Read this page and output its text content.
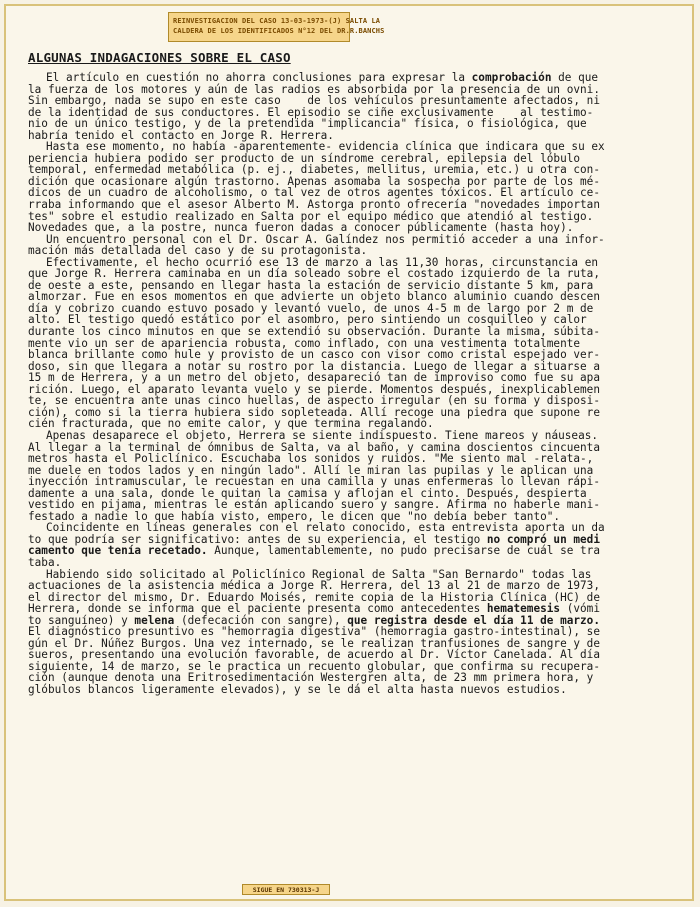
REINVESTIGACION DEL CASO 13-03-1973-(J) SALTA LA
CALDERA DE LOS IDENTIFICADOS N°12 DEL DR.R.BANCHS
ALGUNAS INDAGACIONES SOBRE EL CASO
El artículo en cuestión no ahorra conclusiones para expresar la comprobación de que
la fuerza de los motores y aún de las radios es absorbida por la presencia de un ovni.
Sin embargo, nada se supo en este caso    de los vehículos presuntamente afectados, ni
de la identidad de sus conductores. El episodio se ciñe exclusivamente    al testimo-
nio de un único testigo, y de la pretendida "implicancia" física, o fisiológica, que
habría tenido el contacto en Jorge R. Herrera.
Hasta ese momento, no había -aparentemente- evidencia clínica que indicara que su ex
periencia hubiera podido ser producto de un síndrome cerebral, epilepsia del lóbulo
temporal, enfermedad metabólica (p. ej., diabetes, mellitus, uremia, etc.) u otra con-
dición que ocasionare algún trastorno. Apenas asomaba la sospecha por parte de los mé-
dicos de un cuadro de alcoholismo, o tal vez de otros agentes tóxicos. El artículo ce-
rraba informando que el asesor Alberto M. Astorga pronto ofrecería "novedades importan
tes" sobre el estudio realizado en Salta por el equipo médico que atendió al testigo.
Novedades que, a la postre, nunca fueron dadas a conocer públicamente (hasta hoy).
Un encuentro personal con el Dr. Oscar A. Galíndez nos permitió acceder a una infor-
mación más detallada del caso y de su protagonista.
Efectivamente, el hecho ocurrió ese 13 de marzo a las 11,30 horas, circunstancia en
que Jorge R. Herrera caminaba en un día soleado sobre el costado izquierdo de la ruta,
de oeste a este, pensando en llegar hasta la estación de servicio distante 5 km, para
almorzar. Fue en esos momentos en que advierte un objeto blanco aluminio cuando descen
día y cobrizo cuando estuvo posado y levantó vuelo, de unos 4-5 m de largo por 2 m de
alto. El testigo quedó estático por el asombro, pero sintiendo un cosquilleo y calor
durante los cinco minutos en que se extendió su observación. Durante la misma, súbita-
mente vio un ser de apariencia robusta, como inflado, con una vestimenta totalmente
blanca brillante como hule y provisto de un casco con visor como cristal espejado ver-
doso, sin que llegara a notar su rostro por la distancia. Luego de llegar a situarse a
15 m de Herrera, y a un metro del objeto, desapareció tan de improviso como fue su apa
rición. Luego, el aparato levanta vuelo y se pierde. Momentos después, inexplicablemen
te, se encuentra ante unas cinco huellas, de aspecto irregular (en su forma y disposi-
ción), como si la tierra hubiera sido sopleteada. Allí recoge una piedra que supone re
cién fracturada, que no emite calor, y que termina regalando.
Apenas desaparece el objeto, Herrera se siente indispuesto. Tiene mareos y náuseas.
Al llegar a la terminal de ómnibus de Salta, va al baño, y camina doscientos cincuenta
metros hasta el Policlínico. Escuchaba los sonidos y ruidos. "Me siento mal -relata-,
me duele en todos lados y en ningún lado". Allí le miran las pupilas y le aplican una
inyección intramuscular, le recuestan en una camilla y unas enfermeras lo llevan rápi-
damente a una sala, donde le quitan la camisa y aflojan el cinto. Después, despierta
vestido en pijama, mientras le están aplicando suero y sangre. Afirma no haberle mani-
festado a nadie lo que había visto, empero, le dicen que "no debía beber tanto".
Coincidente en líneas generales con el relato conocido, esta entrevista aporta un da
to que podría ser significativo: antes de su experiencia, el testigo no compró un medi
camento que tenía recetado. Aunque, lamentablemente, no pudo precisarse de cuál se tra
taba.
Habiendo sido solicitado al Policlínico Regional de Salta "San Bernardo" todas las
actuaciones de la asistencia médica a Jorge R. Herrera, del 13 al 21 de marzo de 1973,
el director del mismo, Dr. Eduardo Moisés, remite copia de la Historia Clínica (HC) de
Herrera, donde se informa que el paciente presenta como antecedentes hematemesis (vómi
to sanguíneo) y melena (defecación con sangre), que registra desde el día 11 de marzo.
El diagnóstico presuntivo es "hemorragia digestiva" (hemorragia gastro-intestinal), se
gún el Dr. Núñez Burgos. Una vez internado, se le realizan tranfusiones de sangre y de
sueros, presentando una evolución favorable, de acuerdo al Dr. Víctor Canelada. Al día
siguiente, 14 de marzo, se le practica un recuento globular, que confirma su recupera-
ción (aunque denota una Eritrosedimentación Westergren alta, de 23 mm primera hora, y
glóbulos blancos ligeramente elevados), y se le dá el alta hasta nuevos estudios.
SIGUE EN 730313-J
